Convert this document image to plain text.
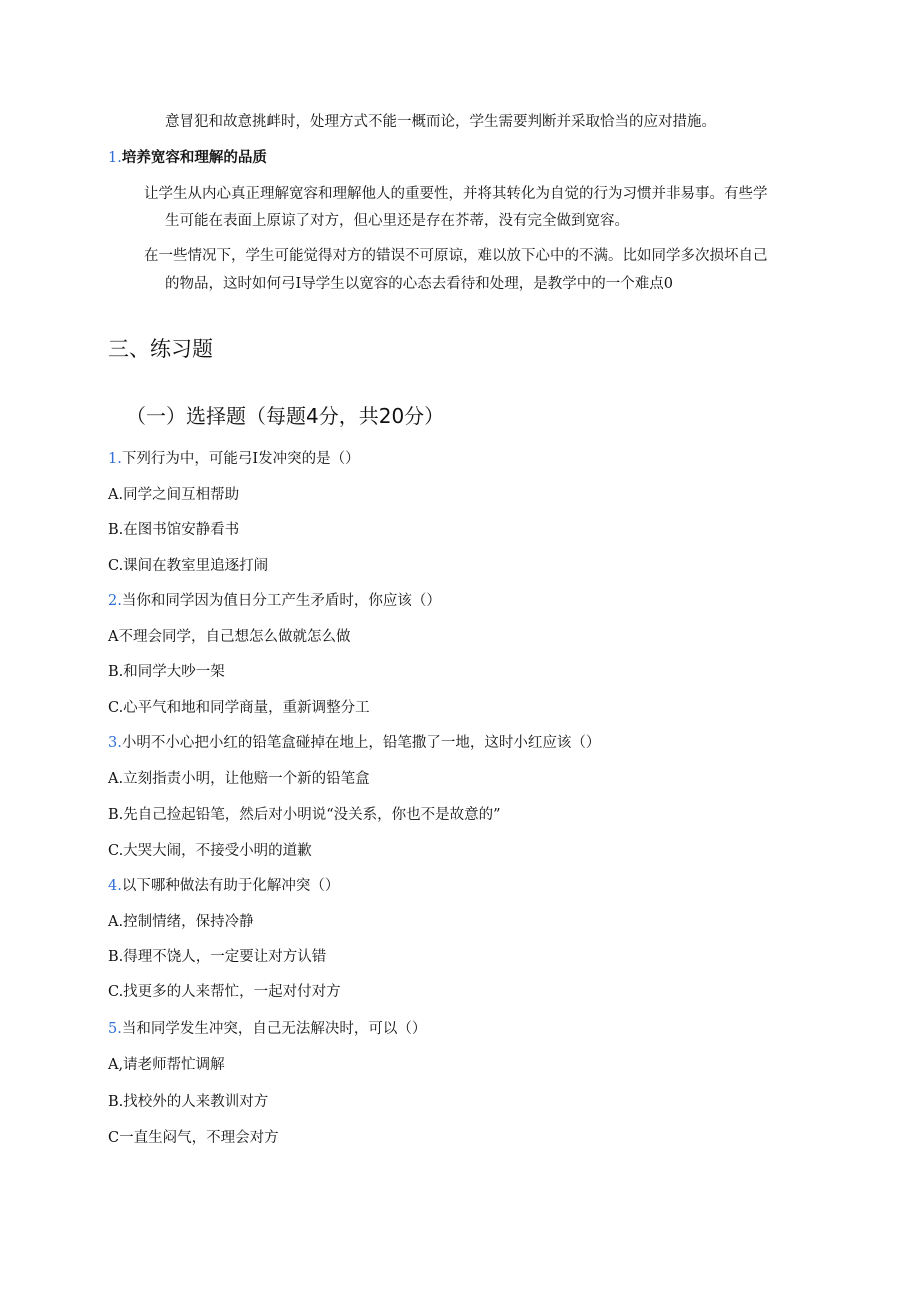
意冒犯和故意挑衅时，处理方式不能一概而论，学生需要判断并采取恰当的应对措施。
1.培养宽容和理解的品质
让学生从内心真正理解宽容和理解他人的重要性，并将其转化为自觉的行为习惯并非易事。有些学
生可能在表面上原谅了对方，但心里还是存在芥蒂，没有完全做到宽容。
在一些情况下，学生可能觉得对方的错误不可原谅，难以放下心中的不满。比如同学多次损坏自己
的物品，这时如何弓I导学生以宽容的心态去看待和处理，是教学中的一个难点0
三、练习题
（一）选择题（每题4分，共20分）
1.下列行为中，可能弓I发冲突的是（）
A.同学之间互相帮助
B.在图书馆安静看书
C.课间在教室里追逐打闹
2.当你和同学因为值日分工产生矛盾时，你应该（）
A不理会同学，自己想怎么做就怎么做
B.和同学大吵一架
C.心平气和地和同学商量，重新调整分工
3.小明不小心把小红的铅笔盒碰掉在地上，铅笔撒了一地，这时小红应该（）
A.立刻指责小明，让他赔一个新的铅笔盒
B.先自己捡起铅笔，然后对小明说“没关系，你也不是故意的”
C.大哭大闹，不接受小明的道歉
4.以下哪种做法有助于化解冲突（）
A.控制情绪，保持冷静
B.得理不饶人，一定要让对方认错
C.找更多的人来帮忙，一起对付对方
5.当和同学发生冲突，自己无法解决时，可以（）
A,请老师帮忙调解
B.找校外的人来教训对方
C一直生闷气，不理会对方
